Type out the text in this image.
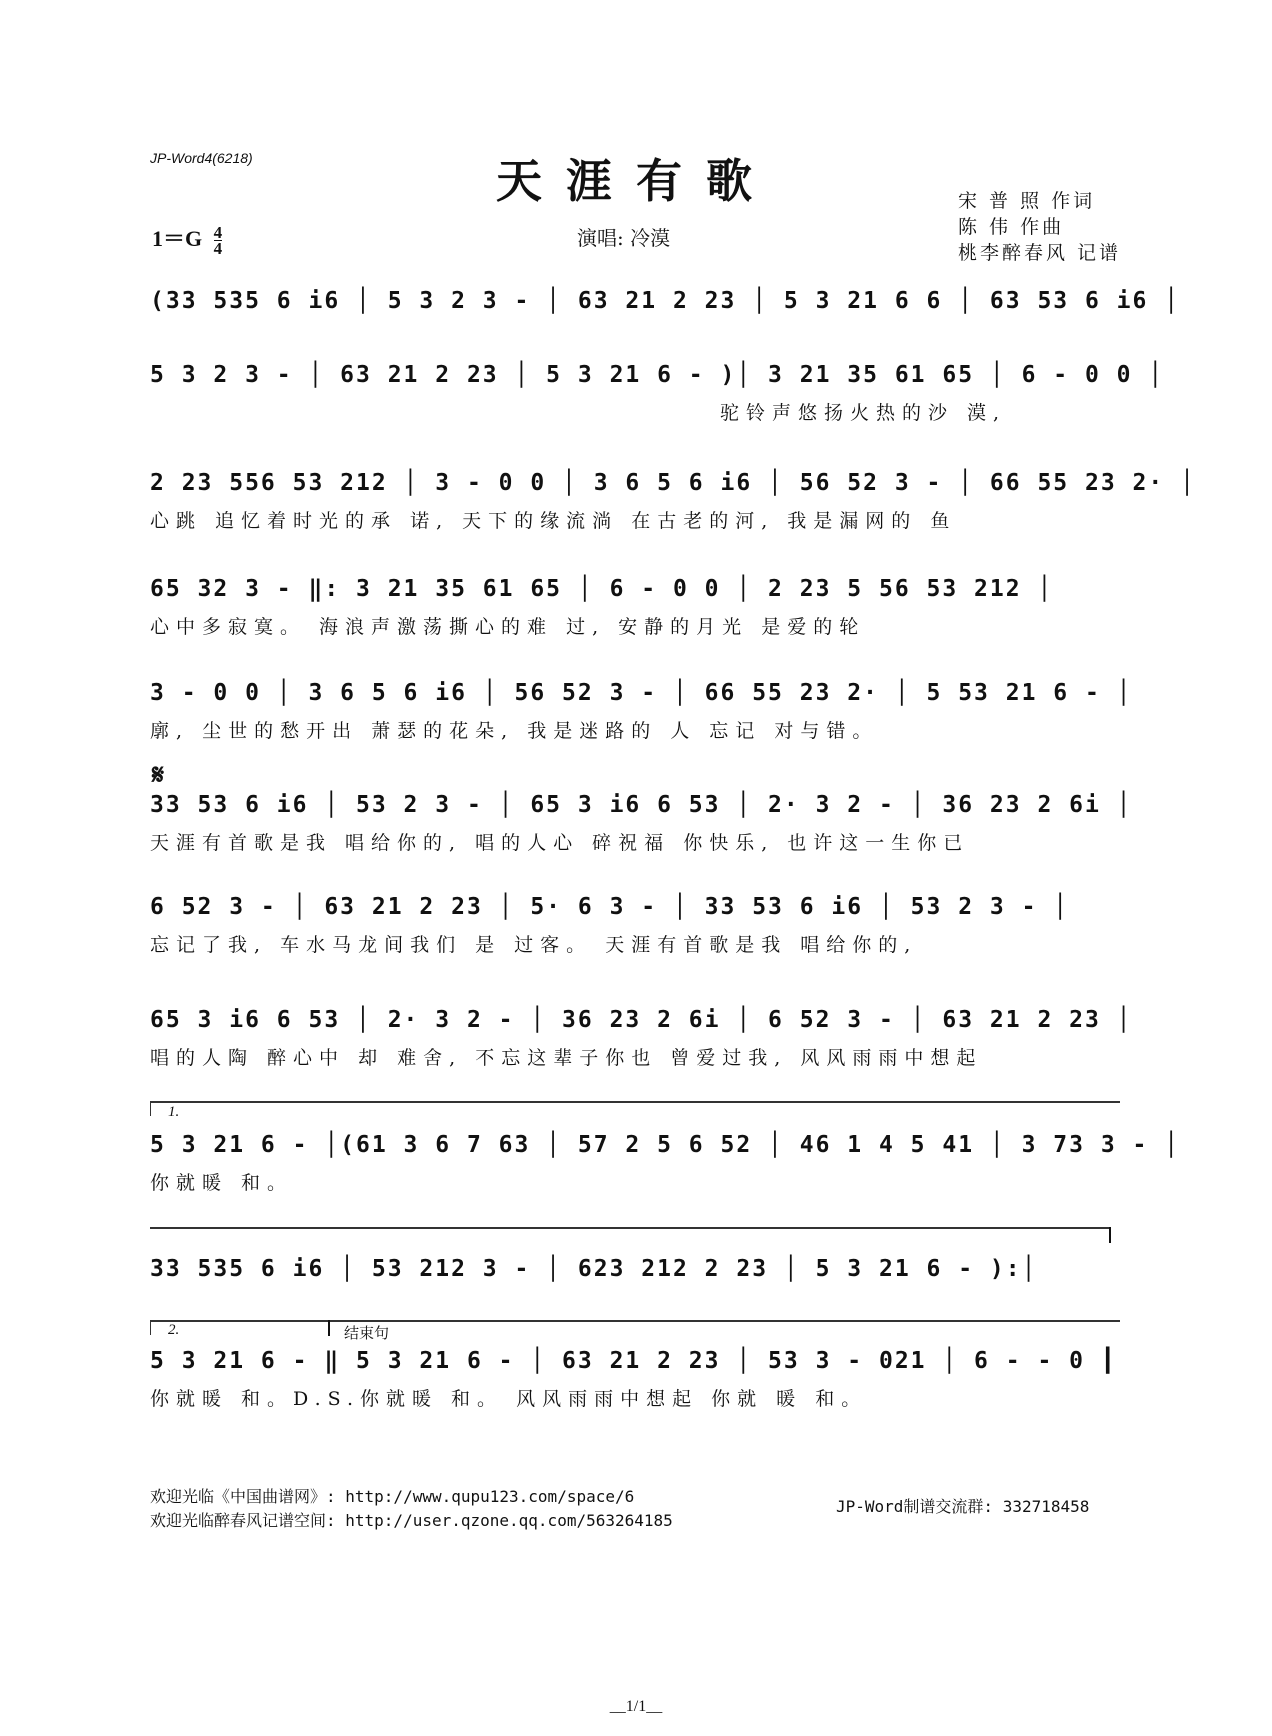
JP-Word4(6218)	天涯有歌	宋 普 照 作词
陈 伟 作曲
桃李醉春风 记谱
$1=G \frac{4}{4}$	演唱: 冷漠
(33 535 6 i6 │ 5 3 2 3 - │ 63 21 2 23 │ 5 3 21 6 6 │ 63 53 6 i6 │
5 3 2 3 - │ 63 21 2 23 │ 5 3 21 6 - )│ 3 21 35 61 65 │ 6 - 0 0 │
驼铃声悠扬火热的沙 漠,
2 23 556 53 212 │ 3 - 0 0 │ 3 6 5 6 i6 │ 56 52 3 - │ 66 55 23 2· │
心跳 追忆着时光的承 诺, 天下的缘流淌 在古老的河, 我是漏网的 鱼
65 32 3 - ‖: 3 21 35 61 65 │ 6 - 0 0 │ 2 23 5 56 53 212 │
心中多寂寞。 海浪声激荡撕心的难 过, 安静的月光 是爱的轮
3 - 0 0 │ 3 6 5 6 i6 │ 56 52 3 - │ 66 55 23 2· │ 5 53 21 6 - │
廓, 尘世的愁开出 萧瑟的花朵, 我是迷路的 人 忘记 对与错。
𝄋
33 53 6 i6 │ 53 2 3 - │ 65 3 i6 6 53 │ 2· 3 2 - │ 36 23 2 6i │
天涯有首歌是我 唱给你的, 唱的人心 碎祝福 你快乐, 也许这一生你已
6 52 3 - │ 63 21 2 23 │ 5· 6 3 - │ 33 53 6 i6 │ 53 2 3 - │
忘记了我, 车水马龙间我们 是 过客。 天涯有首歌是我 唱给你的,
65 3 i6 6 53 │ 2· 3 2 - │ 36 23 2 6i │ 6 52 3 - │ 63 21 2 23 │
唱的人陶 醉心中 却 难舍, 不忘这辈子你也 曾爱过我, 风风雨雨中想起
1.
5 3 21 6 - │(61 3 6 7 63 │ 57 2 5 6 52 │ 46 1 4 5 41 │ 3 73 3 - │
你就暖 和。
33 535 6 i6 │ 53 212 3 - │ 623 212 2 23 │ 5 3 21 6 - ):│
2.	结束句
5 3 21 6 - ‖ 5 3 21 6 - │ 63 21 2 23 │ 53 3 - 021 │ 6 - - 0 ┃
你就暖 和。D.S.你就暖 和。 风风雨雨中想起 你就 暖 和。
欢迎光临《中国曲谱网》: http://www.qupu123.com/space/6
欢迎光临醉春风记谱空间: http://user.qzone.qq.com/563264185
JP-Word制谱交流群: 332718458
__1/1__
